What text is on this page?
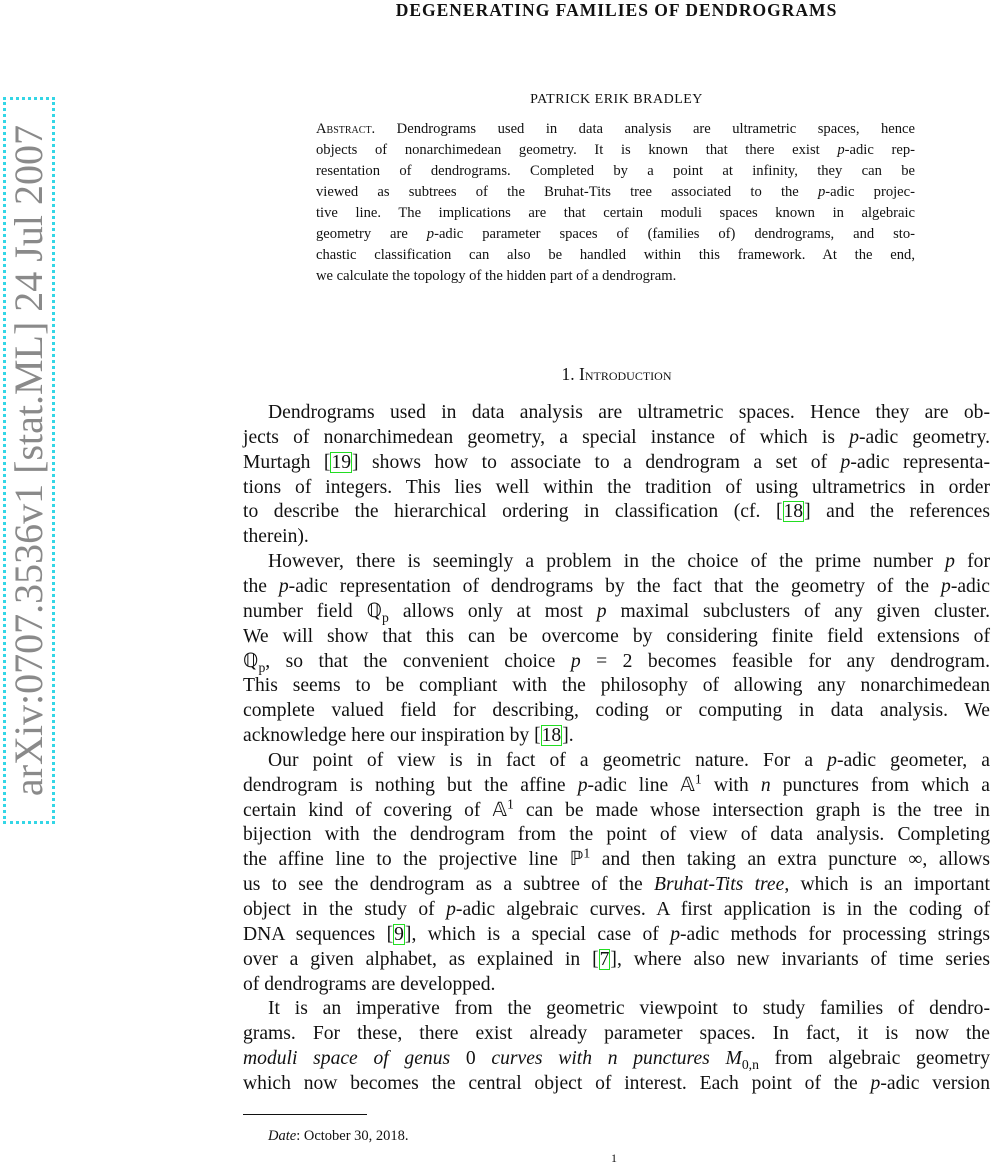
arXiv:0707.3536v1 [stat.ML] 24 Jul 2007
DEGENERATING FAMILIES OF DENDROGRAMS
PATRICK ERIK BRADLEY
Abstract. Dendrograms used in data analysis are ultrametric spaces, hence
objects of nonarchimedean geometry. It is known that there exist p-adic rep-
resentation of dendrograms. Completed by a point at infinity, they can be
viewed as subtrees of the Bruhat-Tits tree associated to the p-adic projec-
tive line. The implications are that certain moduli spaces known in algebraic
geometry are p-adic parameter spaces of (families of) dendrograms, and sto-
chastic classification can also be handled within this framework. At the end,
we calculate the topology of the hidden part of a dendrogram.
1. Introduction
Dendrograms used in data analysis are ultrametric spaces. Hence they are ob-
jects of nonarchimedean geometry, a special instance of which is p-adic geometry.
Murtagh [19] shows how to associate to a dendrogram a set of p-adic representa-
tions of integers. This lies well within the tradition of using ultrametrics in order
to describe the hierarchical ordering in classification (cf. [18] and the references
therein).
However, there is seemingly a problem in the choice of the prime number p for
the p-adic representation of dendrograms by the fact that the geometry of the p-adic
number field ℚ$_p$ allows only at most p maximal subclusters of any given cluster.
We will show that this can be overcome by considering finite field extensions of
ℚ$_p$, so that the convenient choice p = 2 becomes feasible for any dendrogram.
This seems to be compliant with the philosophy of allowing any nonarchimedean
complete valued field for describing, coding or computing in data analysis. We
acknowledge here our inspiration by [18].
Our point of view is in fact of a geometric nature. For a p-adic geometer, a
dendrogram is nothing but the affine p-adic line 𝔸$^1$ with n punctures from which a
certain kind of covering of 𝔸$^1$ can be made whose intersection graph is the tree in
bijection with the dendrogram from the point of view of data analysis. Completing
the affine line to the projective line ℙ$^1$ and then taking an extra puncture ∞, allows
us to see the dendrogram as a subtree of the Bruhat-Tits tree, which is an important
object in the study of p-adic algebraic curves. A first application is in the coding of
DNA sequences [9], which is a special case of p-adic methods for processing strings
over a given alphabet, as explained in [7], where also new invariants of time series
of dendrograms are developped.
It is an imperative from the geometric viewpoint to study families of dendro-
grams. For these, there exist already parameter spaces. In fact, it is now the
moduli space of genus 0 curves with n punctures $M_{0,n}$ from algebraic geometry
which now becomes the central object of interest. Each point of the p-adic version
Date: October 30, 2018.
1
